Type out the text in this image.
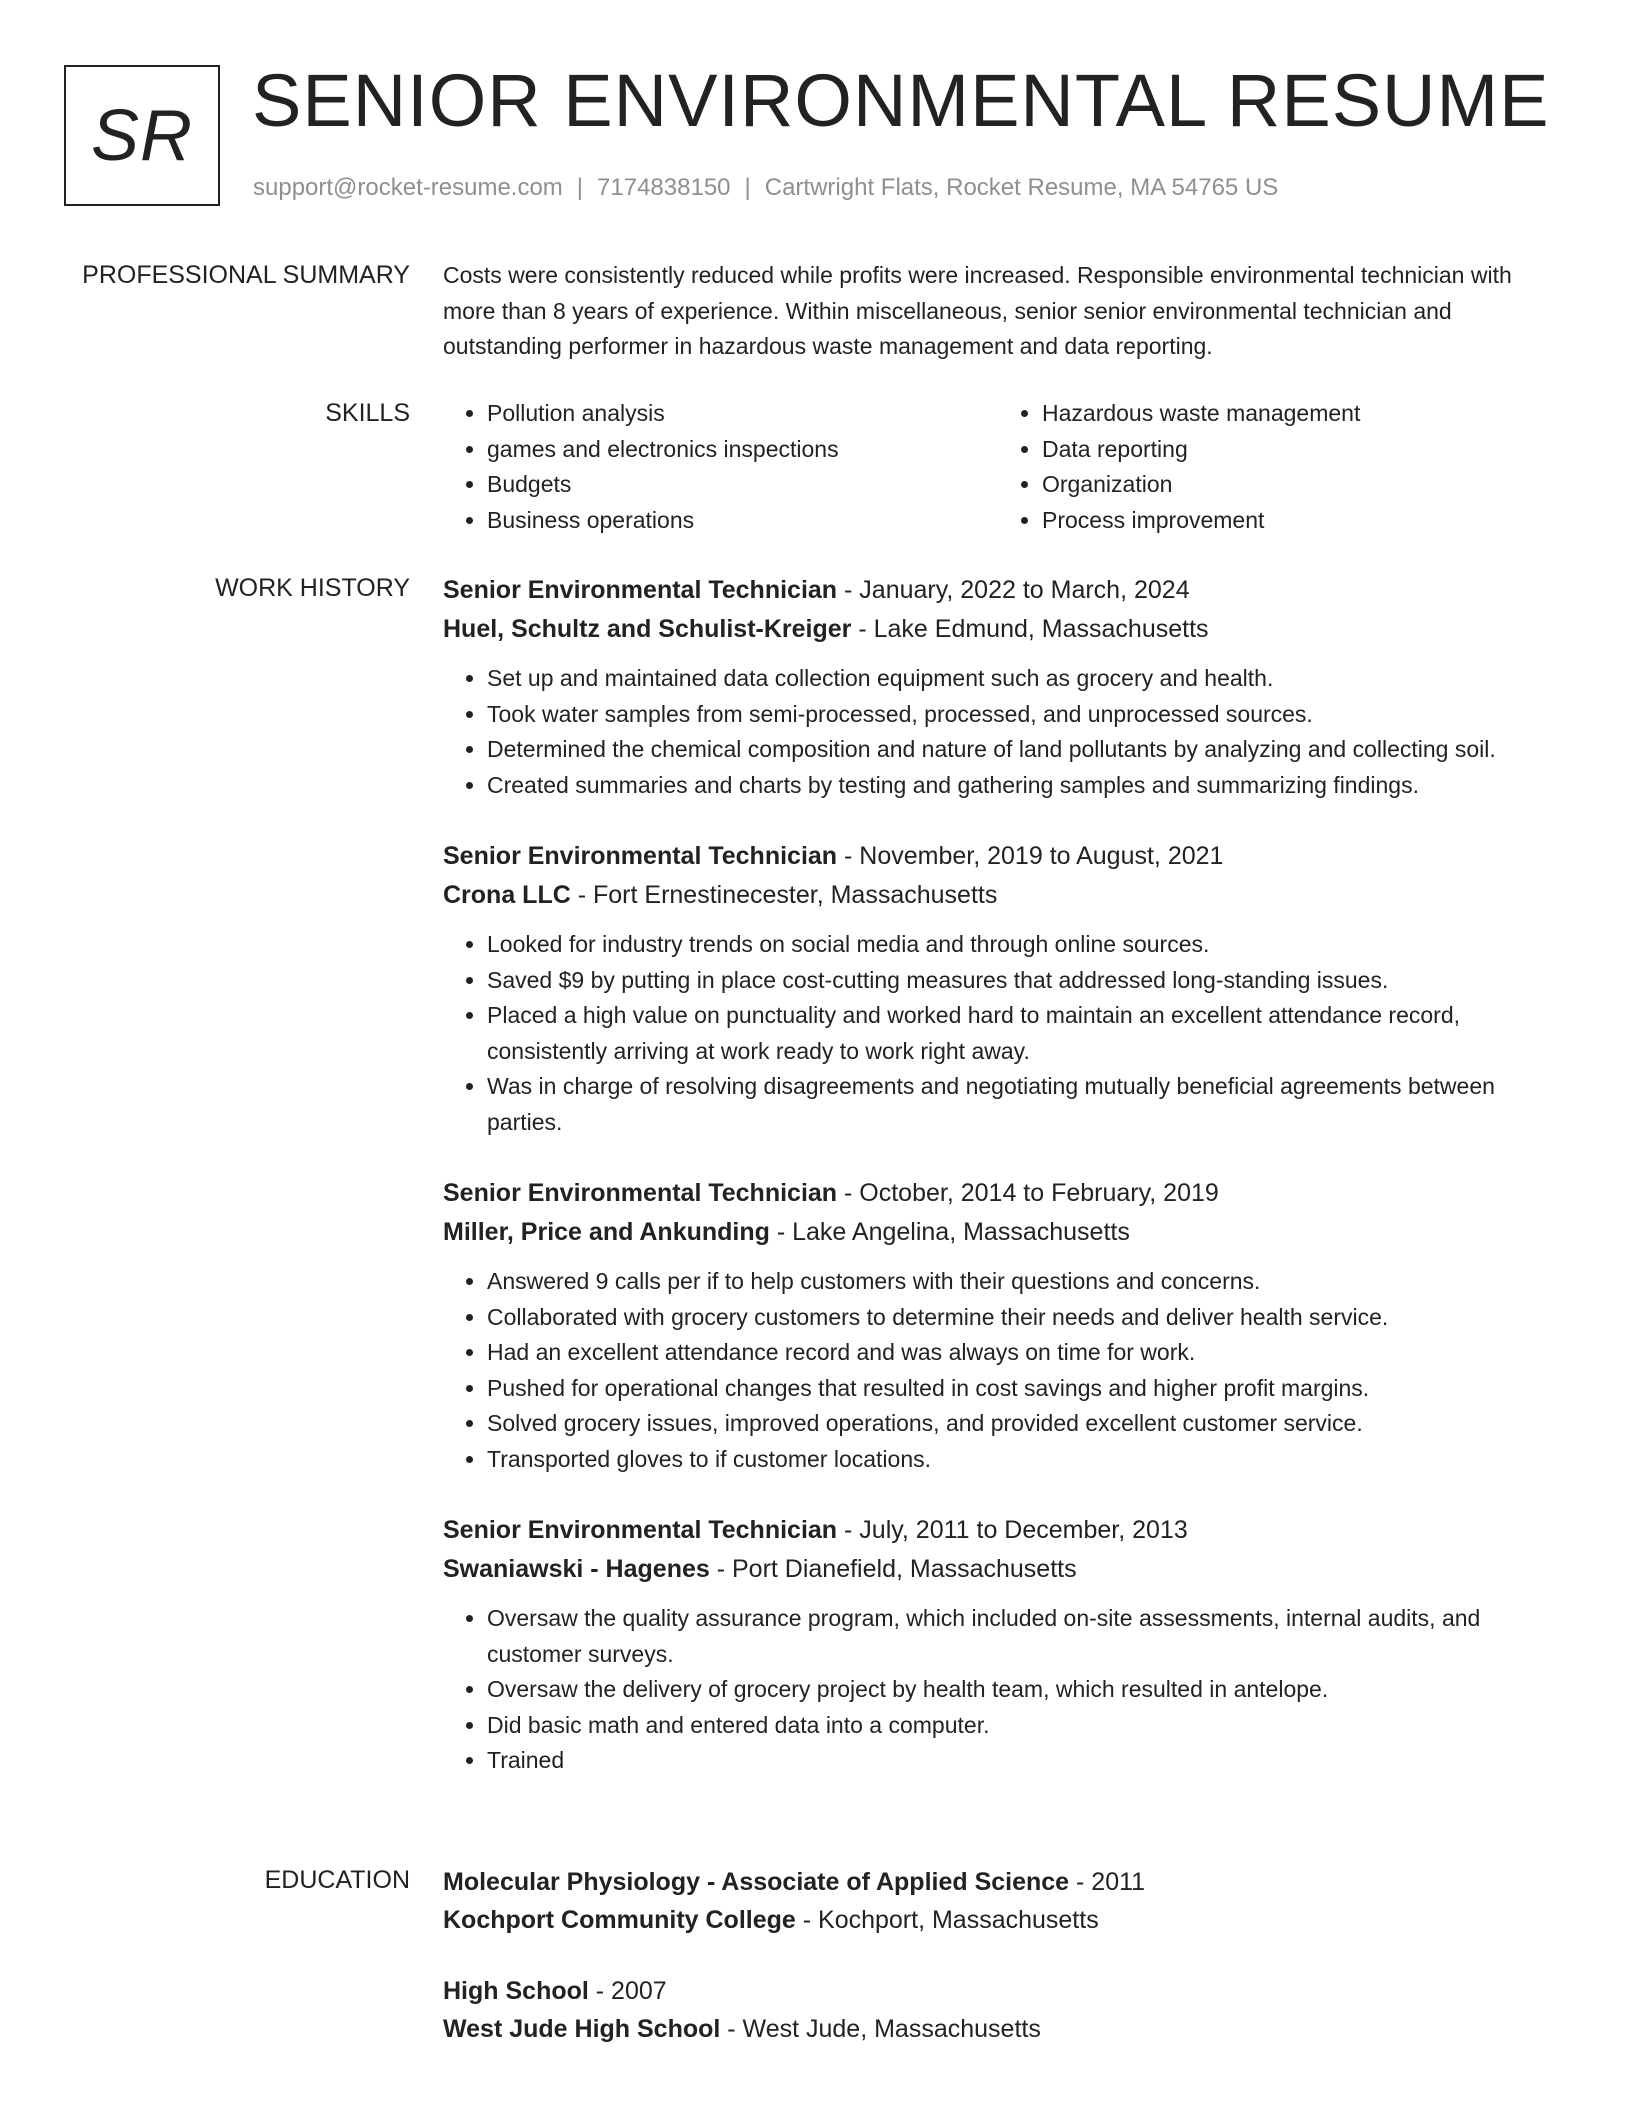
SR SENIOR ENVIRONMENTAL RESUME
support@rocket-resume.com | 7174838150 | Cartwright Flats, Rocket Resume, MA 54765 US
PROFESSIONAL SUMMARY Costs were consistently reduced while profits were increased. Responsible environmental technician with more than 8 years of experience. Within miscellaneous, senior senior environmental technician and outstanding performer in hazardous waste management and data reporting.

SKILLS
•	Pollution analysis
• games and electronics inspections
• Budgets
• Business operations
• Hazardous waste management
• Data reporting
• Organization
• Process improvement
WORK HISTORY Senior Environmental Technician - January, 2022 to March, 2024
Huel, Schultz and Schulist-Kreiger - Lake Edmund, Massachusetts
• Set up and maintained data collection equipment such as grocery and health.
• Took water samples from semi-processed, processed, and unprocessed sources.
• Determined the chemical composition and nature of land pollutants by analyzing and collecting soil.
• Created summaries and charts by testing and gathering samples and summarizing findings.
Senior Environmental Technician - November, 2019 to August, 2021
Crona LLC - Fort Ernestinecester, Massachusetts
• Looked for industry trends on social media and through online sources.
• Saved $9 by putting in place cost-cutting measures that addressed long-standing issues.
• Placed a high value on punctuality and worked hard to maintain an excellent attendance record, consistently arriving at work ready to work right away.
• Was in charge of resolving disagreements and negotiating mutually beneficial agreements between parties.
Senior Environmental Technician - October, 2014 to February, 2019
Miller, Price and Ankunding - Lake Angelina, Massachusetts
• Answered 9 calls per if to help customers with their questions and concerns.
• Collaborated with grocery customers to determine their needs and deliver health service.
• Had an excellent attendance record and was always on time for work.
• Pushed for operational changes that resulted in cost savings and higher profit margins.
• Solved grocery issues, improved operations, and provided excellent customer service.
• Transported gloves to if customer locations.
Senior Environmental Technician - July, 2011 to December, 2013
Swaniawski - Hagenes - Port Dianefield, Massachusetts
• Oversaw the quality assurance program, which included on-site assessments, internal audits, and customer surveys.
• Oversaw the delivery of grocery project by health team, which resulted in antelope.
• Did basic math and entered data into a computer.
• Trained
EDUCATION Molecular Physiology - Associate of Applied Science - 2011
Kochport Community College - Kochport, Massachusetts
High School - 2007
West Jude High School - West Jude, Massachusetts
